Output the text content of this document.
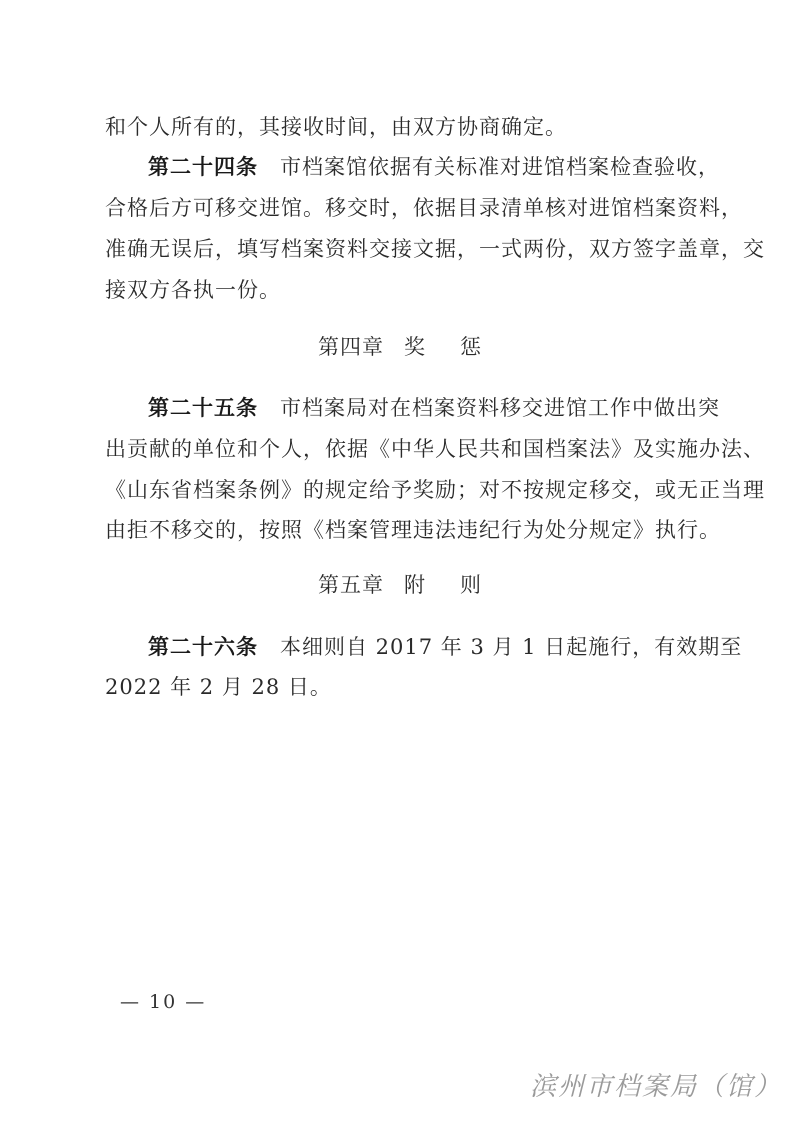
和个人所有的，其接收时间，由双方协商确定。
第二十四条 市档案馆依据有关标准对进馆档案检查验收，
合格后方可移交进馆。移交时，依据目录清单核对进馆档案资料，
准确无误后，填写档案资料交接文据，一式两份，双方签字盖章，交
接双方各执一份。
第四章 奖 惩
第二十五条 市档案局对在档案资料移交进馆工作中做出突
出贡献的单位和个人，依据《中华人民共和国档案法》及实施办法、
《山东省档案条例》的规定给予奖励；对不按规定移交，或无正当理
由拒不移交的，按照《档案管理违法违纪行为处分规定》执行。
第五章 附 则
第二十六条 本细则自 2017 年 3 月 1 日起施行，有效期至
2022 年 2 月 28 日。
— 10 —
滨州市档案局（馆）
